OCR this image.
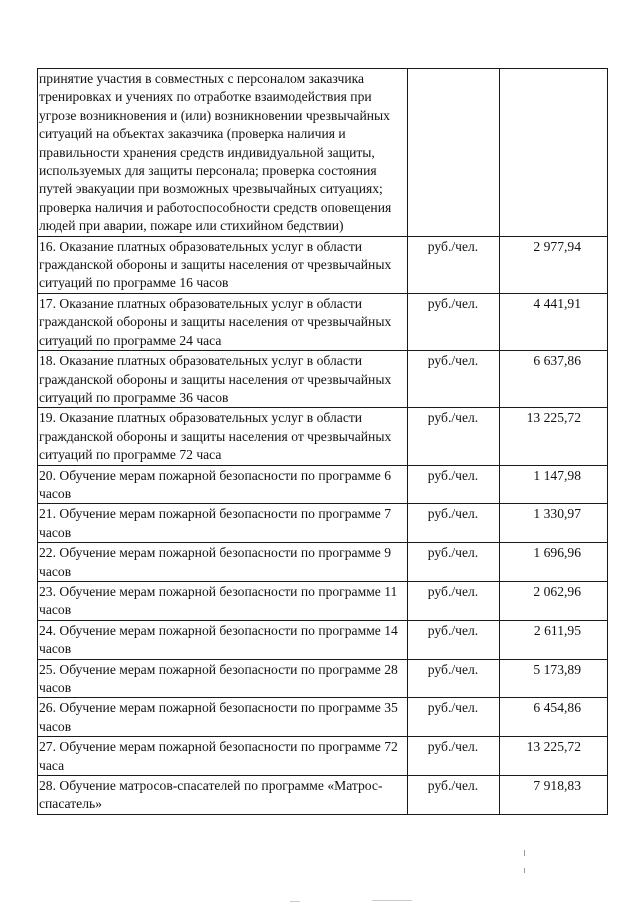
принятие участия в совместных с персоналом заказчика тренировках и учениях по отработке взаимодействия при угрозе возникновения и (или) возникновении чрезвычайных ситуаций на объектах заказчика (проверка наличия и правильности хранения средств индивидуальной защиты, используемых для защиты персонала; проверка состояния путей эвакуации при возможных чрезвычайных ситуациях; проверка наличия и работоспособности средств оповещения людей при аварии, пожаре или стихийном бедствии)		

16. Оказание платных образовательных услуг в области гражданской обороны и защиты населения от чрезвычайных ситуаций по программе 16 часов	руб./чел.	2 977,94
17. Оказание платных образовательных услуг в области гражданской обороны и защиты населения от чрезвычайных ситуаций по программе 24 часа	руб./чел.	4 441,91
18. Оказание платных образовательных услуг в области гражданской обороны и защиты населения от чрезвычайных ситуаций по программе 36 часов	руб./чел.	6 637,86
19. Оказание платных образовательных услуг в области гражданской обороны и защиты населения от чрезвычайных ситуаций по программе 72 часа	руб./чел.	13 225,72
20. Обучение мерам пожарной безопасности по программе 6 часов	руб./чел.	1 147,98
21. Обучение мерам пожарной безопасности по программе 7 часов	руб./чел.	1 330,97
22. Обучение мерам пожарной безопасности по программе 9 часов	руб./чел.	1 696,96
23. Обучение мерам пожарной безопасности по программе 11 часов	руб./чел.	2 062,96
24. Обучение мерам пожарной безопасности по программе 14 часов	руб./чел.	2 611,95
25. Обучение мерам пожарной безопасности по программе 28 часов	руб./чел.	5 173,89
26. Обучение мерам пожарной безопасности по программе 35 часов	руб./чел.	6 454,86
27. Обучение мерам пожарной безопасности по программе 72 часа	руб./чел.	13 225,72
28. Обучение матросов-спасателей по программе «Матрос-спасатель»	руб./чел.	7 918,83
